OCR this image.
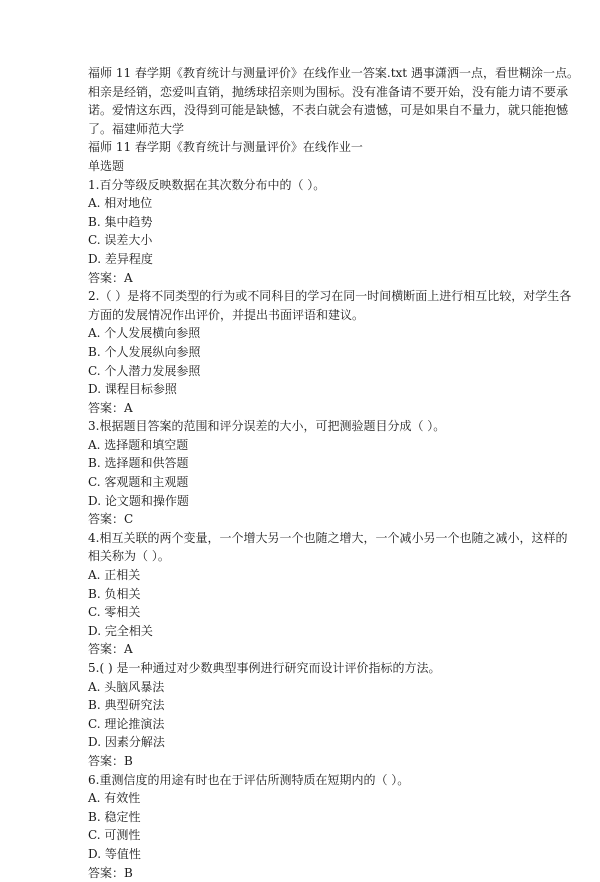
福师 11 春学期《教育统计与测量评价》在线作业一答案.txt 遇事潇洒一点，看世糊涂一点。
相亲是经销，恋爱叫直销，抛绣球招亲则为围标。没有准备请不要开始，没有能力请不要承
诺。爱情这东西，没得到可能是缺憾，不表白就会有遗憾，可是如果自不量力，就只能抱憾
了。福建师范大学
福师 11 春学期《教育统计与测量评价》在线作业一
单选题
1.百分等级反映数据在其次数分布中的（ ）。
A. 相对地位
B. 集中趋势
C. 误差大小
D. 差异程度
答案：A
2.（ ）是将不同类型的行为或不同科目的学习在同一时间横断面上进行相互比较，对学生各
方面的发展情况作出评价，并提出书面评语和建议。
A. 个人发展横向参照
B. 个人发展纵向参照
C. 个人潜力发展参照
D. 课程目标参照
答案：A
3.根据题目答案的范围和评分误差的大小，可把测验题目分成（ ）。
A. 选择题和填空题
B. 选择题和供答题
C. 客观题和主观题
D. 论文题和操作题
答案：C
4.相互关联的两个变量，一个增大另一个也随之增大，一个减小另一个也随之减小，这样的
相关称为（ ）。
A. 正相关
B. 负相关
C. 零相关
D. 完全相关
答案：A
5.( ) 是一种通过对少数典型事例进行研究而设计评价指标的方法。
A. 头脑风暴法
B. 典型研究法
C. 理论推演法
D. 因素分解法
答案：B
6.重测信度的用途有时也在于评估所测特质在短期内的（ ）。
A. 有效性
B. 稳定性
C. 可测性
D. 等值性
答案：B
